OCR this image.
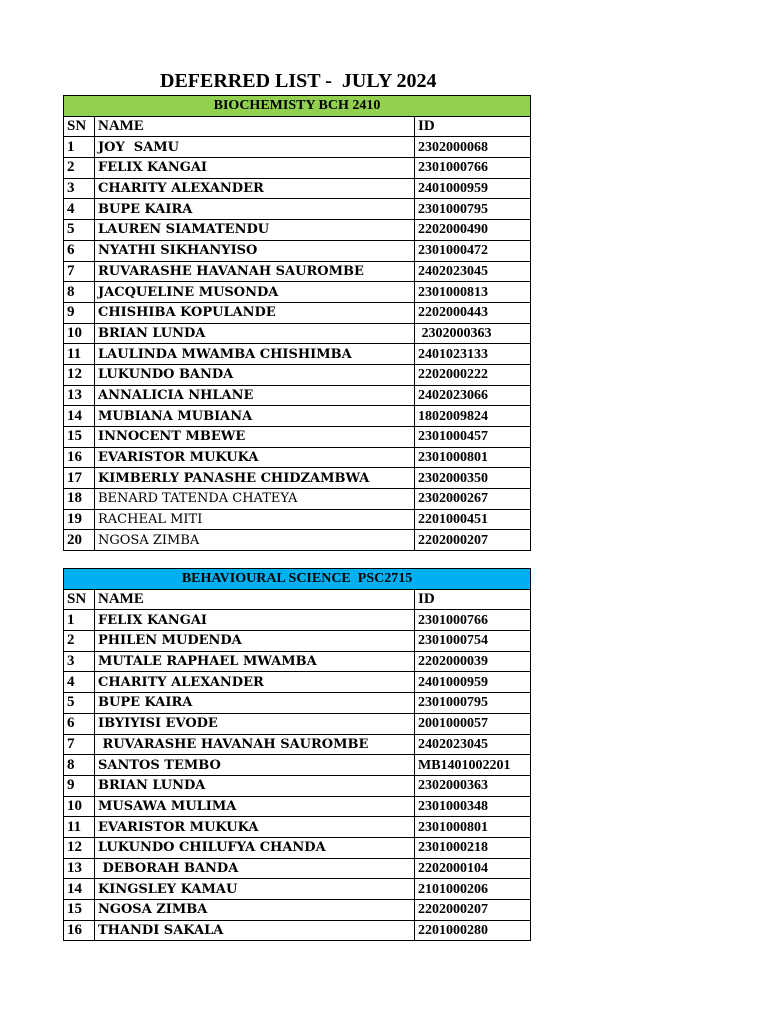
DEFERRED LIST -  JULY 2024
BIOCHEMISTY BCH 2410		
SN	NAME	ID
1	JOY  SAMU	2302000068
2	FELIX KANGAI	2301000766
3	CHARITY ALEXANDER	2401000959
4	BUPE KAIRA	2301000795
5	LAUREN SIAMATENDU	2202000490
6	NYATHI SIKHANYISO	2301000472
7	RUVARASHE HAVANAH SAUROMBE	2402023045
8	JACQUELINE MUSONDA	2301000813
9	CHISHIBA KOPULANDE	2202000443
10	BRIAN LUNDA	2302000363
11	LAULINDA MWAMBA CHISHIMBA	2401023133
12	LUKUNDO BANDA	2202000222
13	ANNALICIA NHLANE	2402023066
14	MUBIANA MUBIANA	1802009824
15	INNOCENT MBEWE	2301000457
16	EVARISTOR MUKUKA	2301000801
17	KIMBERLY PANASHE CHIDZAMBWA	2302000350
18	BENARD TATENDA CHATEYA	2302000267
19	RACHEAL MITI	2201000451
20	NGOSA ZIMBA	2202000207
BEHAVIOURAL SCIENCE  PSC2715		
SN	NAME	ID
1	FELIX KANGAI	2301000766
2	PHILEN MUDENDA	2301000754
3	MUTALE RAPHAEL MWAMBA	2202000039
4	CHARITY ALEXANDER	2401000959
5	BUPE KAIRA	2301000795
6	IBYIYISI EVODE	2001000057
7	RUVARASHE HAVANAH SAUROMBE	2402023045
8	SANTOS TEMBO	MB1401002201
9	BRIAN LUNDA	2302000363
10	MUSAWA MULIMA	2301000348
11	EVARISTOR MUKUKA	2301000801
12	LUKUNDO CHILUFYA CHANDA	2301000218
13	DEBORAH BANDA	2202000104
14	KINGSLEY KAMAU	2101000206
15	NGOSA ZIMBA	2202000207
16	THANDI SAKALA	2201000280
